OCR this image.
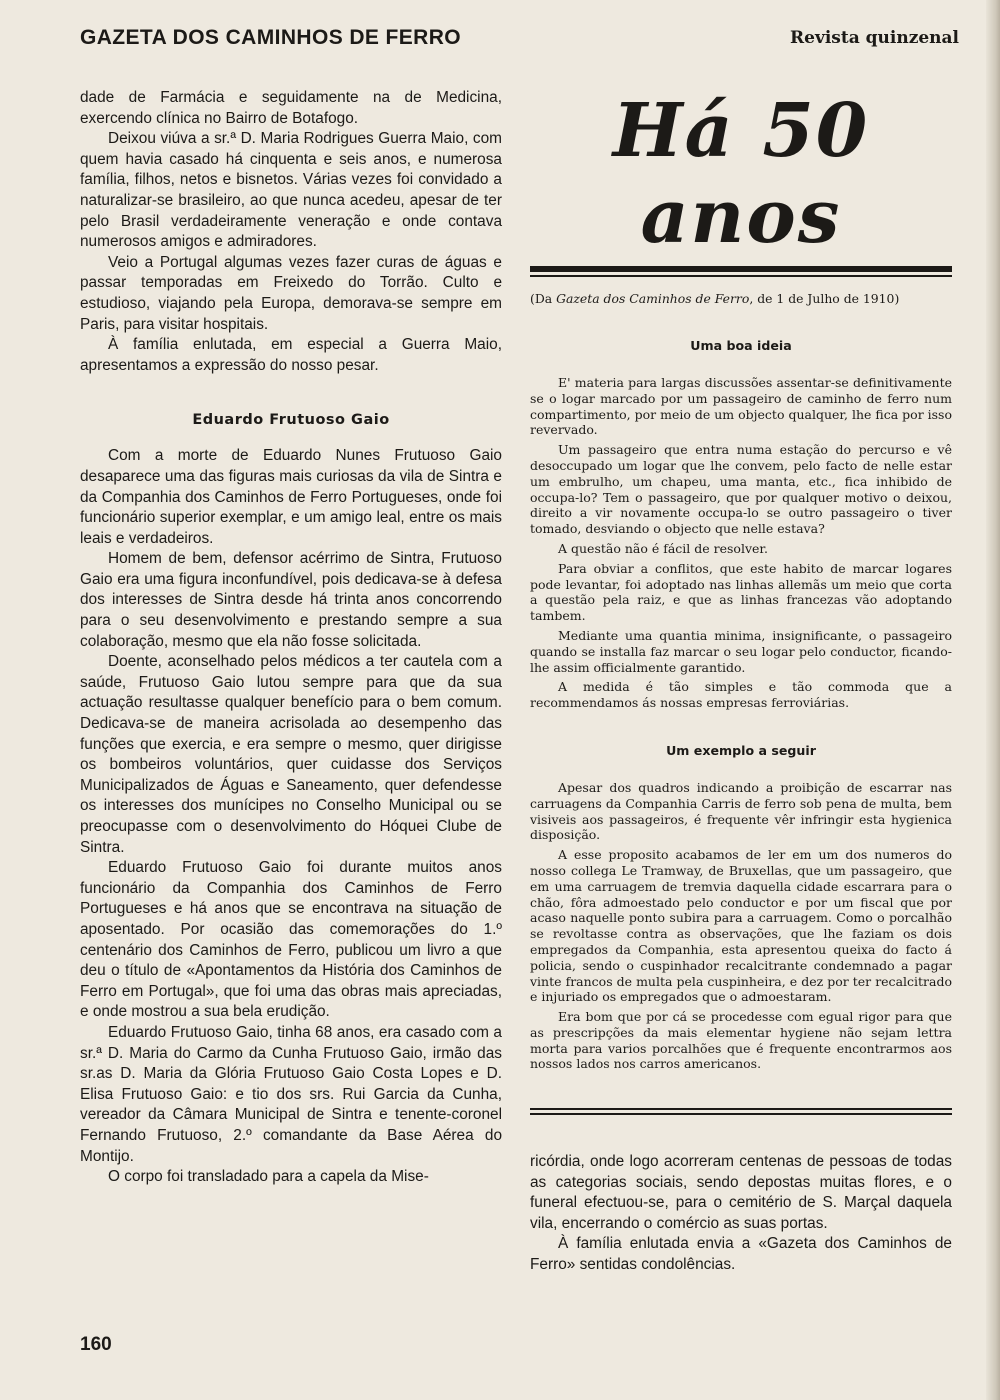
GAZETA DOS CAMINHOS DE FERRO	Revista quinzenal

dade de Farmácia e seguidamente na de Medicina, exercendo clínica no Bairro de Botafogo.

Deixou viúva a sr.ª D. Maria Rodrigues Guerra Maio, com quem havia casado há cinquenta e seis anos, e numerosa família, filhos, netos e bisnetos. Várias vezes foi convidado a naturalizar-se brasileiro, ao que nunca acedeu, apesar de ter pelo Brasil verdadeiramente veneração e onde contava numerosos amigos e admiradores.

Veio a Portugal algumas vezes fazer curas de águas e passar temporadas em Freixedo do Torrão. Culto e estudioso, viajando pela Europa, demorava-se sempre em Paris, para visitar hospitais.

À família enlutada, em especial a Guerra Maio, apresentamos a expressão do nosso pesar.

Eduardo Frutuoso Gaio

Com a morte de Eduardo Nunes Frutuoso Gaio desaparece uma das figuras mais curiosas da vila de Sintra e da Companhia dos Caminhos de Ferro Portugueses, onde foi funcionário superior exemplar, e um amigo leal, entre os mais leais e verdadeiros.

Homem de bem, defensor acérrimo de Sintra, Frutuoso Gaio era uma figura inconfundível, pois dedicava-se à defesa dos interesses de Sintra desde há trinta anos concorrendo para o seu desenvolvimento e prestando sempre a sua colaboração, mesmo que ela não fosse solicitada.

Doente, aconselhado pelos médicos a ter cautela com a saúde, Frutuoso Gaio lutou sempre para que da sua actuação resultasse qualquer benefício para o bem comum. Dedicava-se de maneira acrisolada ao desempenho das funções que exercia, e era sempre o mesmo, quer dirigisse os bombeiros voluntários, quer cuidasse dos Serviços Municipalizados de Águas e Saneamento, quer defendesse os interesses dos munícipes no Conselho Municipal ou se preocupasse com o desenvolvimento do Hóquei Clube de Sintra.

Eduardo Frutuoso Gaio foi durante muitos anos funcionário da Companhia dos Caminhos de Ferro Portugueses e há anos que se encontrava na situação de aposentado. Por ocasião das comemorações do 1.º centenário dos Caminhos de Ferro, publicou um livro a que deu o título de «Apontamentos da História dos Caminhos de Ferro em Portugal», que foi uma das obras mais apreciadas, e onde mostrou a sua bela erudição.

Eduardo Frutuoso Gaio, tinha 68 anos, era casado com a sr.ª D. Maria do Carmo da Cunha Frutuoso Gaio, irmão das sr.as D. Maria da Glória Frutuoso Gaio Costa Lopes e D. Elisa Frutuoso Gaio: e tio dos srs. Rui Garcia da Cunha, vereador da Câmara Municipal de Sintra e tenente-coronel Fernando Frutuoso, 2.º comandante da Base Aérea do Montijo.

O corpo foi transladado para a capela da Mise-

Há 50 anos
(Da Gazeta dos Caminhos de Ferro, de 1 de Julho de 1910)
Uma boa ideia

E' materia para largas discussões assentar-se definitivamente se o logar marcado por um passageiro de caminho de ferro num compartimento, por meio de um objecto qualquer, lhe fica por isso revervado.

Um passageiro que entra numa estação do percurso e vê desoccupado um logar que lhe convem, pelo facto de nelle estar um embrulho, um chapeu, uma manta, etc., fica inhibido de occupa-lo? Tem o passageiro, que por qualquer motivo o deixou, direito a vir novamente occupa-lo se outro passageiro o tiver tomado, desviando o objecto que nelle estava?

A questão não é fácil de resolver.

Para obviar a conflitos, que este habito de marcar logares pode levantar, foi adoptado nas linhas allemãs um meio que corta a questão pela raiz, e que as linhas francezas vão adoptando tambem.

Mediante uma quantia minima, insignificante, o passageiro quando se installa faz marcar o seu logar pelo conductor, ficando-lhe assim officialmente garantido.

A medida é tão simples e tão commoda que a recommendamos ás nossas empresas ferroviárias.

Um exemplo a seguir

Apesar dos quadros indicando a proibição de escarrar nas carruagens da Companhia Carris de ferro sob pena de multa, bem visiveis aos passageiros, é frequente vêr infringir esta hygienica disposição.

A esse proposito acabamos de ler em um dos numeros do nosso collega Le Tramway, de Bruxellas, que um passageiro, que em uma carruagem de tremvia daquella cidade escarrara para o chão, fôra admoestado pelo conductor e por um fiscal que por acaso naquelle ponto subira para a carruagem. Como o porcalhão se revoltasse contra as observações, que lhe faziam os dois empregados da Companhia, esta apresentou queixa do facto á policia, sendo o cuspinhador recalcitrante condemnado a pagar vinte francos de multa pela cuspinheira, e dez por ter recalcitrado e injuriado os empregados que o admoestaram.

Era bom que por cá se procedesse com egual rigor para que as prescripções da mais elementar hygiene não sejam lettra morta para varios porcalhões que é frequente encontrarmos aos nossos lados nos carros americanos.

ricórdia, onde logo acorreram centenas de pessoas de todas as categorias sociais, sendo depostas muitas flores, e o funeral efectuou-se, para o cemitério de S. Marçal daquela vila, encerrando o comércio as suas portas.

À família enlutada envia a «Gazeta dos Caminhos de Ferro» sentidas condolências.

160
